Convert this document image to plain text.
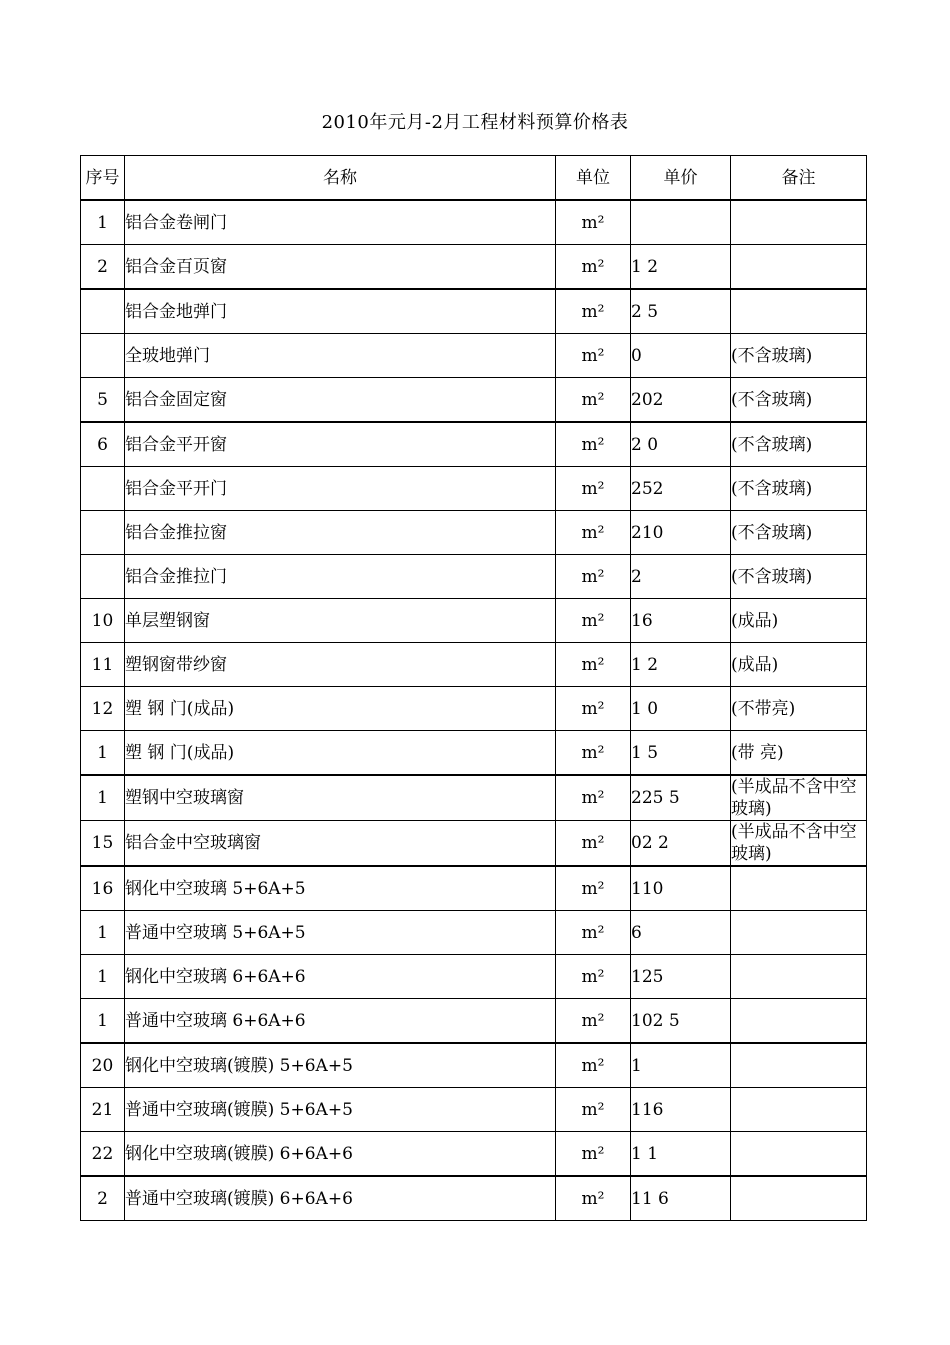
2010年元月-2月工程材料预算价格表
序号	名称	单位	单价	备注
1	铝合金卷闸门	m²		
2	铝合金百页窗	m²	1 2	
	铝合金地弹门	m²	2 5	
	全玻地弹门	m²	0	(不含玻璃)
5	铝合金固定窗	m²	202	(不含玻璃)
6	铝合金平开窗	m²	2 0	(不含玻璃)
	铝合金平开门	m²	252	(不含玻璃)
	铝合金推拉窗	m²	210	(不含玻璃)
	铝合金推拉门	m²	2	(不含玻璃)
10	单层塑钢窗	m²	16	(成品)
11	塑钢窗带纱窗	m²	1 2	(成品)
12	塑 钢 门(成品)	m²	1 0	(不带亮)
1	塑 钢 门(成品)	m²	1 5	(带 亮)
1	塑钢中空玻璃窗	m²	225 5	(半成品不含中空玻璃)
15	铝合金中空玻璃窗	m²	02 2	(半成品不含中空玻璃)
16	钢化中空玻璃 5+6A+5	m²	110	
1	普通中空玻璃 5+6A+5	m²	6	
1	钢化中空玻璃 6+6A+6	m²	125	
1	普通中空玻璃 6+6A+6	m²	102 5	
20	钢化中空玻璃(镀膜) 5+6A+5	m²	1	
21	普通中空玻璃(镀膜) 5+6A+5	m²	116	
22	钢化中空玻璃(镀膜) 6+6A+6	m²	1 1	
2	普通中空玻璃(镀膜) 6+6A+6	m²	11 6	
